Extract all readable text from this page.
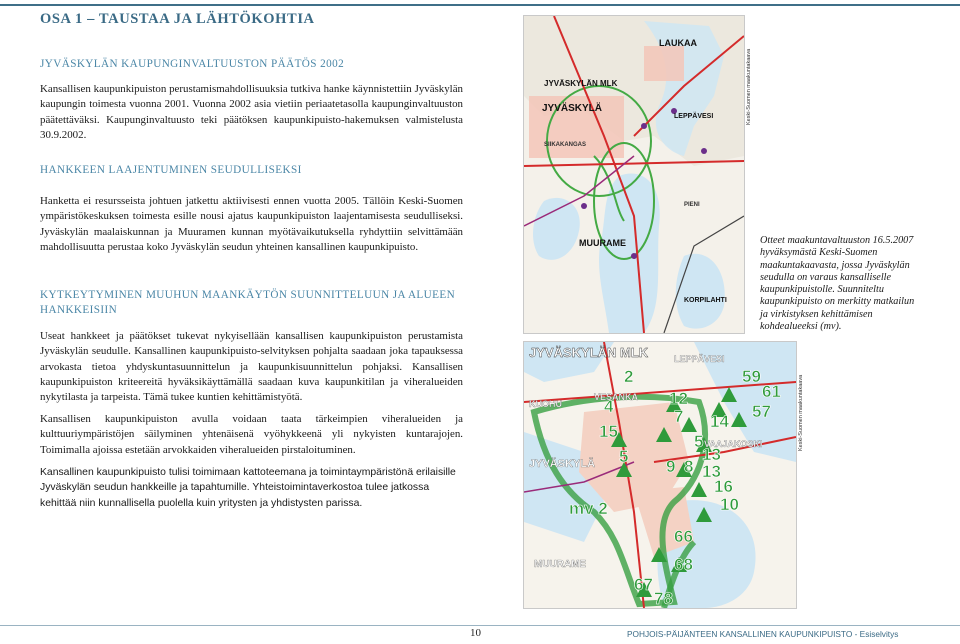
OSA 1 – TAUSTAA JA LÄHTÖKOHTIA
JYVÄSKYLÄN KAUPUNGINVALTUUSTON PÄÄTÖS 2002
Kansallisen kaupunkipuiston perustamismahdollisuuksia tutkiva hanke käynnistettiin Jyväskylän kaupungin toimesta vuonna 2001. Vuonna 2002 asia vietiin periaatetasolla kaupunginvaltuuston päätettäväksi. Kaupunginvaltuusto teki päätöksen kaupunkipuisto-hakemuksen valmistelusta 30.9.2002.
HANKKEEN LAAJENTUMINEN SEUDULLISEKSI
Hanketta ei resursseista johtuen jatkettu aktiivisesti ennen vuotta 2005. Tällöin Keski-Suomen ympäristökeskuksen toimesta esille nousi ajatus kaupunkipuiston laajentamisesta seudulliseksi. Jyväskylän maalaiskunnan ja Muuramen kunnan myötävaikutuksella ryhdyttiin selvittämään mahdollisuutta perustaa koko Jyväskylän seudun yhteinen kansallinen kaupunkipuisto.
KYTKEYTYMINEN MUUHUN MAANKÄYTÖN SUUNNITTELUUN JA ALUEEN HANKKEISIIN
Useat hankkeet ja päätökset tukevat nykyisellään kansallisen kaupunkipuiston perustamista Jyväskylän seudulle. Kansallinen kaupunkipuisto-selvityksen pohjalta saadaan joka tapauksessa arvokasta tietoa yhdyskuntasuunnittelun ja kaupunkisuunnittelun pohjaksi. Kansallisen kaupunkipuiston kriteereitä hyväksikäyttämällä saadaan kuva kaupunkitilan ja viheralueiden nykytilasta ja tarpeista. Tämä tukee kuntien kehittämistyötä.
Kansallisen kaupunkipuiston avulla voidaan taata tärkeimpien viheralueiden ja kulttuuriympäristöjen säilyminen yhtenäisenä vyöhykkeenä yli nykyisten kuntarajojen. Toimimalla ajoissa estetään arvokkaiden viheralueiden pirstaloituminen.
Kansallinen kaupunkipuisto tulisi toimimaan kattoteemana ja toimintaympäristönä erilaisille Jyväskylän seudun hankkeille ja tapahtumille. Yhteistoimintaverkostoa tulee jatkossa kehittää niin kunnallisella puolella kuin yritysten ja yhdistysten parissa.
LAUKAA
LEPPÄVESI
JYVÄSKYLÄN MLK
JYVÄSKYLÄ
MUURAME
KORPILAHTI
SIIKAKANGAS
PIENI
Keski-Suomen maakuntakaava
JYVÄSKYLÄN MLK	LEPPÄVESI
VESANKA
KUOHU
VAAJAKOSKI
JYVÄSKYLÄ
MUURAME
2
4	12
7 14
15
5
5
8
9
13
13
16
10
59
61
57
mv 2
66
68
67
78
Keski-Suomen maakuntakaava
Otteet maakuntavaltuuston 16.5.2007 hyväksymästä Keski-Suomen maakuntakaavasta, jossa Jyväskylän seudulla on varaus kansalliselle kaupunkipuistolle. Suunniteltu kaupunkipuisto on merkitty matkailun ja virkistyksen kehittämisen kohdealueeksi (mv).
10	POHJOIS-PÄIJÄNTEEN KANSALLINEN KAUPUNKIPUISTO - Esiselvitys
